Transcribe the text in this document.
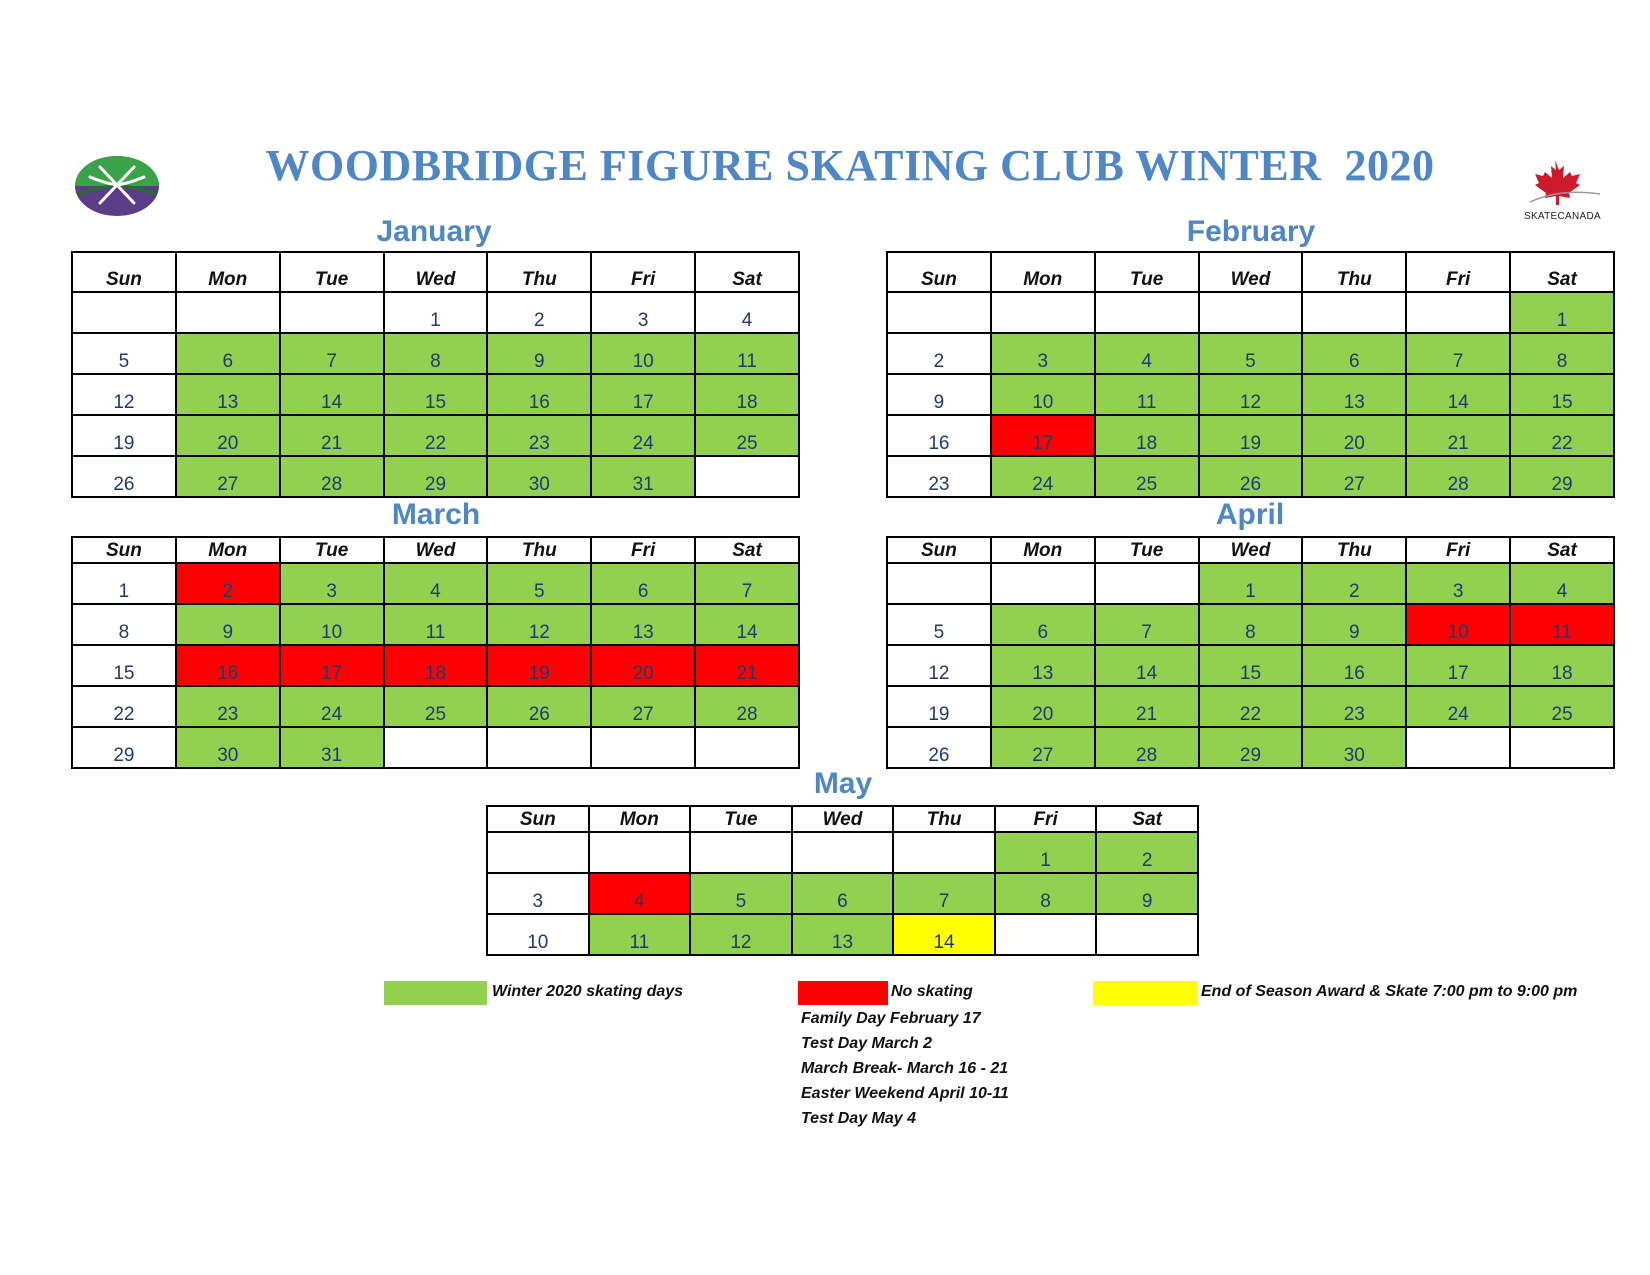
WOODBRIDGE FIGURE SKATING CLUB WINTER  2020
SKATECANADA
January
Sun	Mon	Tue	Wed	Thu	Fri	Sat
			1	2	3	4
5	6	7	8	9	10	11
12	13	14	15	16	17	18
19	20	21	22	23	24	25
26	27	28	29	30	31	
February
Sun	Mon	Tue	Wed	Thu	Fri	Sat
						1
2	3	4	5	6	7	8
9	10	11	12	13	14	15
16	17	18	19	20	21	22
23	24	25	26	27	28	29
March
Sun	Mon	Tue	Wed	Thu	Fri	Sat
1	2	3	4	5	6	7
8	9	10	11	12	13	14
15	16	17	18	19	20	21
22	23	24	25	26	27	28
29	30	31				
April
Sun	Mon	Tue	Wed	Thu	Fri	Sat
			1	2	3	4
5	6	7	8	9	10	11
12	13	14	15	16	17	18
19	20	21	22	23	24	25
26	27	28	29	30		
May
Sun	Mon	Tue	Wed	Thu	Fri	Sat
					1	2
3	4	5	6	7	8	9
10	11	12	13	14		
Winter 2020 skating days	No skating	End of Season Award & Skate 7:00 pm to 9:00 pm
Family Day February 17
Test Day March 2
March Break- March 16 - 21
Easter Weekend April 10-11
Test Day May 4
